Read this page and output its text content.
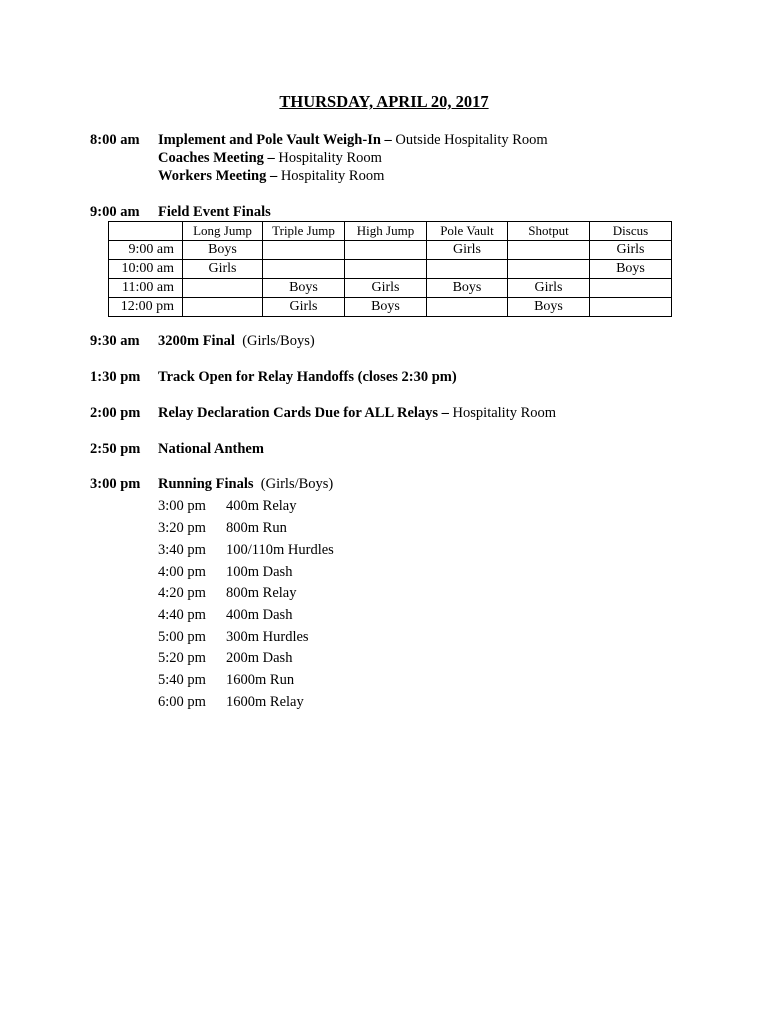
THURSDAY, APRIL 20, 2017
8:00 am Implement and Pole Vault Weigh-In – Outside Hospitality Room
Coaches Meeting – Hospitality Room
Workers Meeting – Hospitality Room
9:00 am Field Event Finals
	Long Jump	Triple Jump	High Jump	Pole Vault	Shotput	Discus
9:00 am	Boys			Girls		Girls
10:00 am	Girls					Boys
11:00 am		Boys	Girls	Boys	Girls	
12:00 pm		Girls	Boys		Boys	
9:30 am 3200m Final  (Girls/Boys)
1:30 pm Track Open for Relay Handoffs (closes 2:30 pm)
2:00 pm Relay Declaration Cards Due for ALL Relays – Hospitality Room
2:50 pm National Anthem
3:00 pm Running Finals  (Girls/Boys)
3:00 pm 400m Relay
3:20 pm 800m Run
3:40 pm 100/110m Hurdles
4:00 pm 100m Dash
4:20 pm 800m Relay
4:40 pm 400m Dash
5:00 pm 300m Hurdles
5:20 pm 200m Dash
5:40 pm 1600m Run
6:00 pm 1600m Relay
